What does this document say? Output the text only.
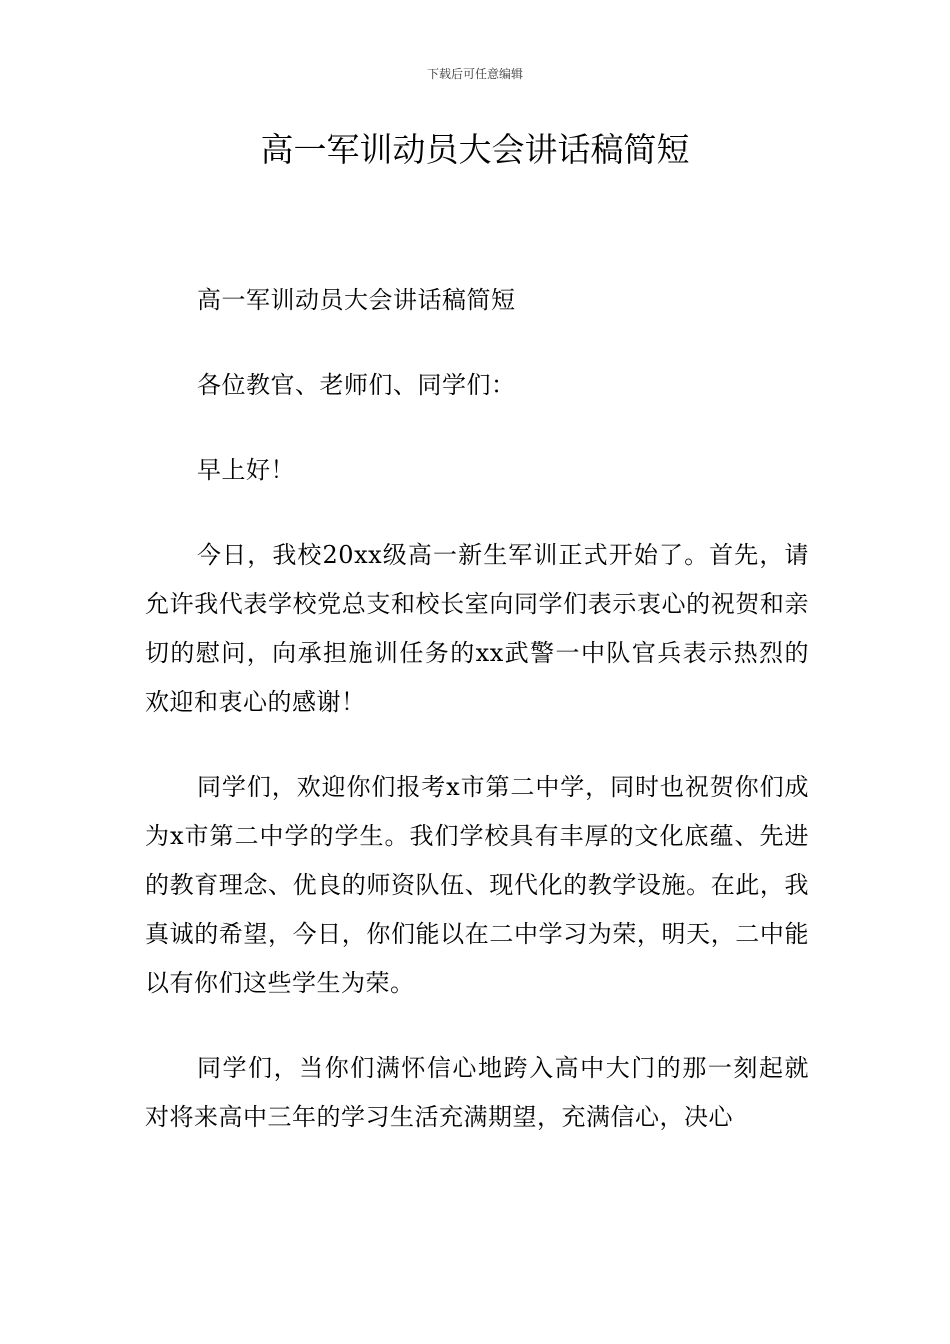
下载后可任意编辑
高一军训动员大会讲话稿简短

高一军训动员大会讲话稿简短

各位教官、老师们、同学们：

早上好！

今日，我校20xx级高一新生军训正式开始了。首先，请允许我代表学校党总支和校长室向同学们表示衷心的祝贺和亲切的慰问，向承担施训任务的xx武警一中队官兵表示热烈的欢迎和衷心的感谢！

同学们，欢迎你们报考x市第二中学，同时也祝贺你们成为x市第二中学的学生。我们学校具有丰厚的文化底蕴、先进的教育理念、优良的师资队伍、现代化的教学设施。在此，我真诚的希望，今日，你们能以在二中学习为荣，明天，二中能以有你们这些学生为荣。

同学们，当你们满怀信心地跨入高中大门的那一刻起就对将来高中三年的学习生活充满期望，充满信心，决心
